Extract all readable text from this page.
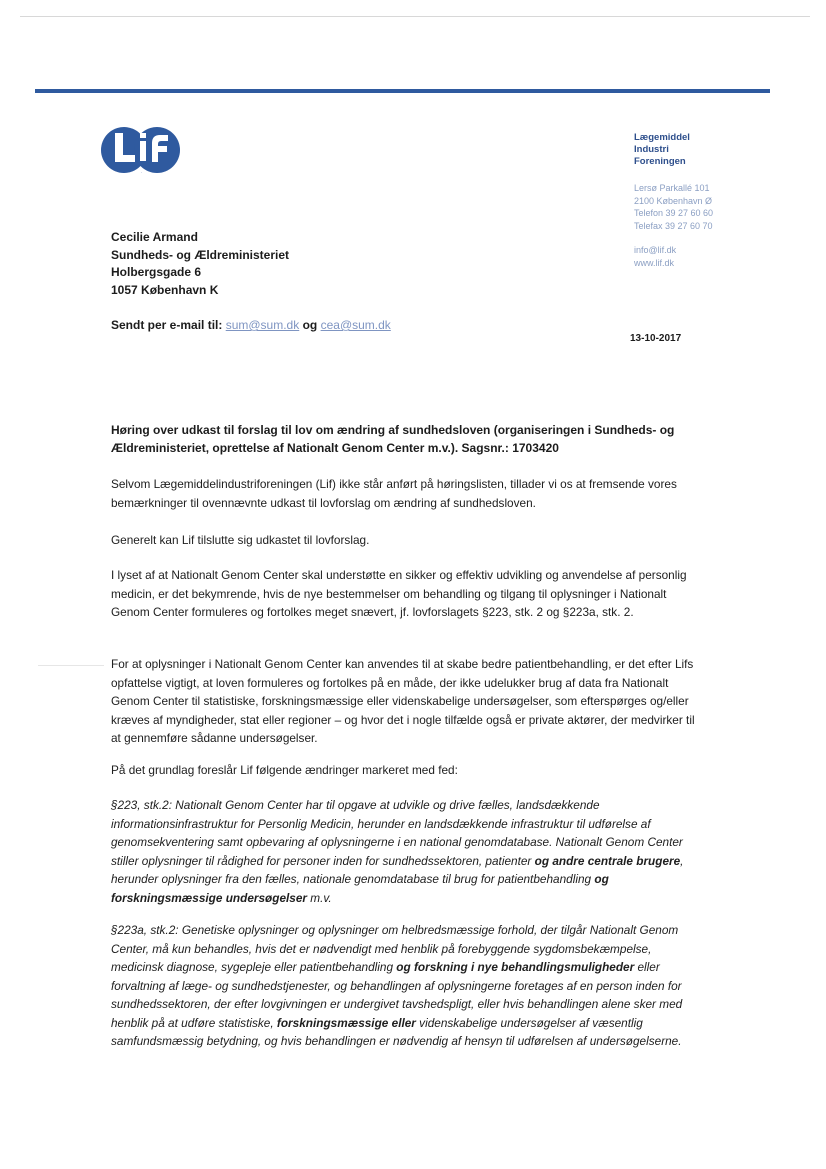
Lif
Lægemiddel
Industri
Foreningen
Lersø Parkallé 101
2100 København Ø
Telefon 39 27 60 60
Telefax 39 27 60 70
info@lif.dk
www.lif.dk
Cecilie Armand
Sundheds- og Ældreministeriet
Holbergsgade 6
1057 København K
Sendt per e-mail til: sum@sum.dk og cea@sum.dk
13-10-2017
Høring over udkast til forslag til lov om ændring af sundhedsloven (organiseringen i Sundheds- og Ældreministeriet, oprettelse af Nationalt Genom Center m.v.). Sagsnr.: 1703420

Selvom Lægemiddelindustriforeningen (Lif) ikke står anført på høringslisten, tillader vi os at fremsende vores bemærkninger til ovennævnte udkast til lovforslag om ændring af sundhedsloven.

Generelt kan Lif tilslutte sig udkastet til lovforslag.

I lyset af at Nationalt Genom Center skal understøtte en sikker og effektiv udvikling og anvendelse af personlig medicin, er det bekymrende, hvis de nye bestemmelser om behandling og tilgang til oplysninger i Nationalt Genom Center formuleres og fortolkes meget snævert, jf. lovforslagets §223, stk. 2 og §223a, stk. 2.

For at oplysninger i Nationalt Genom Center kan anvendes til at skabe bedre patientbehandling, er det efter Lifs opfattelse vigtigt, at loven formuleres og fortolkes på en måde, der ikke udelukker brug af data fra Nationalt Genom Center til statistiske, forskningsmæssige eller videnskabelige undersøgelser, som efterspørges og/eller kræves af myndigheder, stat eller regioner – og hvor det i nogle tilfælde også er private aktører, der medvirker til at gennemføre sådanne undersøgelser.

På det grundlag foreslår Lif følgende ændringer markeret med fed:

§223, stk.2: Nationalt Genom Center har til opgave at udvikle og drive fælles, landsdækkende informationsinfrastruktur for Personlig Medicin, herunder en landsdækkende infrastruktur til udførelse af genomsekventering samt opbevaring af oplysningerne i en national genomdatabase. Nationalt Genom Center stiller oplysninger til rådighed for personer inden for sundhedssektoren, patienter og andre centrale brugere, herunder oplysninger fra den fælles, nationale genomdatabase til brug for patientbehandling og forskningsmæssige undersøgelser m.v.

§223a, stk.2: Genetiske oplysninger og oplysninger om helbredsmæssige forhold, der tilgår Nationalt Genom Center, må kun behandles, hvis det er nødvendigt med henblik på forebyggende sygdomsbekæmpelse, medicinsk diagnose, sygepleje eller patientbehandling og forskning i nye behandlingsmuligheder eller forvaltning af læge- og sundhedstjenester, og behandlingen af oplysningerne foretages af en person inden for sundhedssektoren, der efter lovgivningen er undergivet tavshedspligt, eller hvis behandlingen alene sker med henblik på at udføre statistiske, forskningsmæssige eller videnskabelige undersøgelser af væsentlig samfundsmæssig betydning, og hvis behandlingen er nødvendig af hensyn til udførelsen af undersøgelserne.
